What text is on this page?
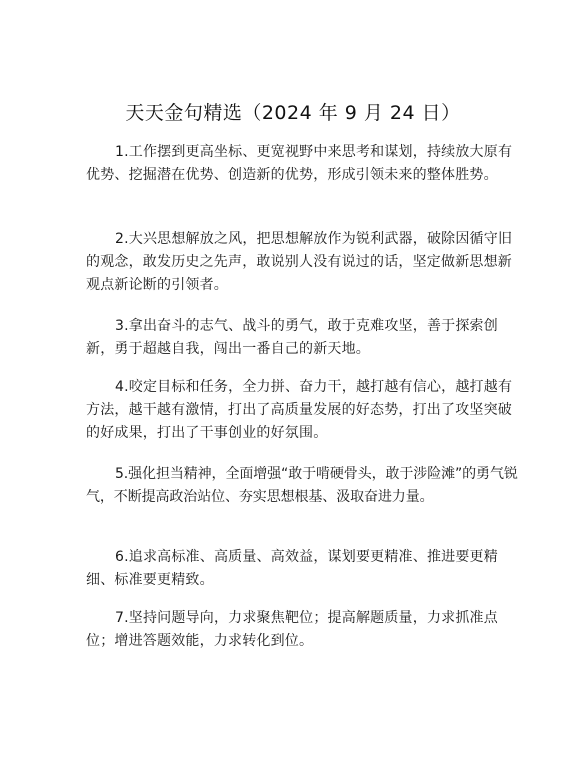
天天金句精选（2024 年 9 月 24 日）

1.工作摆到更高坐标、更宽视野中来思考和谋划，持续放大原有优势、挖掘潜在优势、创造新的优势，形成引领未来的整体胜势。

2.大兴思想解放之风，把思想解放作为锐利武器，破除因循守旧的观念，敢发历史之先声，敢说别人没有说过的话，坚定做新思想新观点新论断的引领者。

3.拿出奋斗的志气、战斗的勇气，敢于克难攻坚，善于探索创新，勇于超越自我，闯出一番自己的新天地。

4.咬定目标和任务，全力拼、奋力干，越打越有信心，越打越有方法，越干越有激情，打出了高质量发展的好态势，打出了攻坚突破的好成果，打出了干事创业的好氛围。

5.强化担当精神，全面增强“敢于啃硬骨头，敢于涉险滩”的勇气锐气，不断提高政治站位、夯实思想根基、汲取奋进力量。

6.追求高标准、高质量、高效益，谋划要更精准、推进要更精细、标准要更精致。

7.坚持问题导向，力求聚焦靶位；提高解题质量，力求抓准点位；增进答题效能，力求转化到位。
